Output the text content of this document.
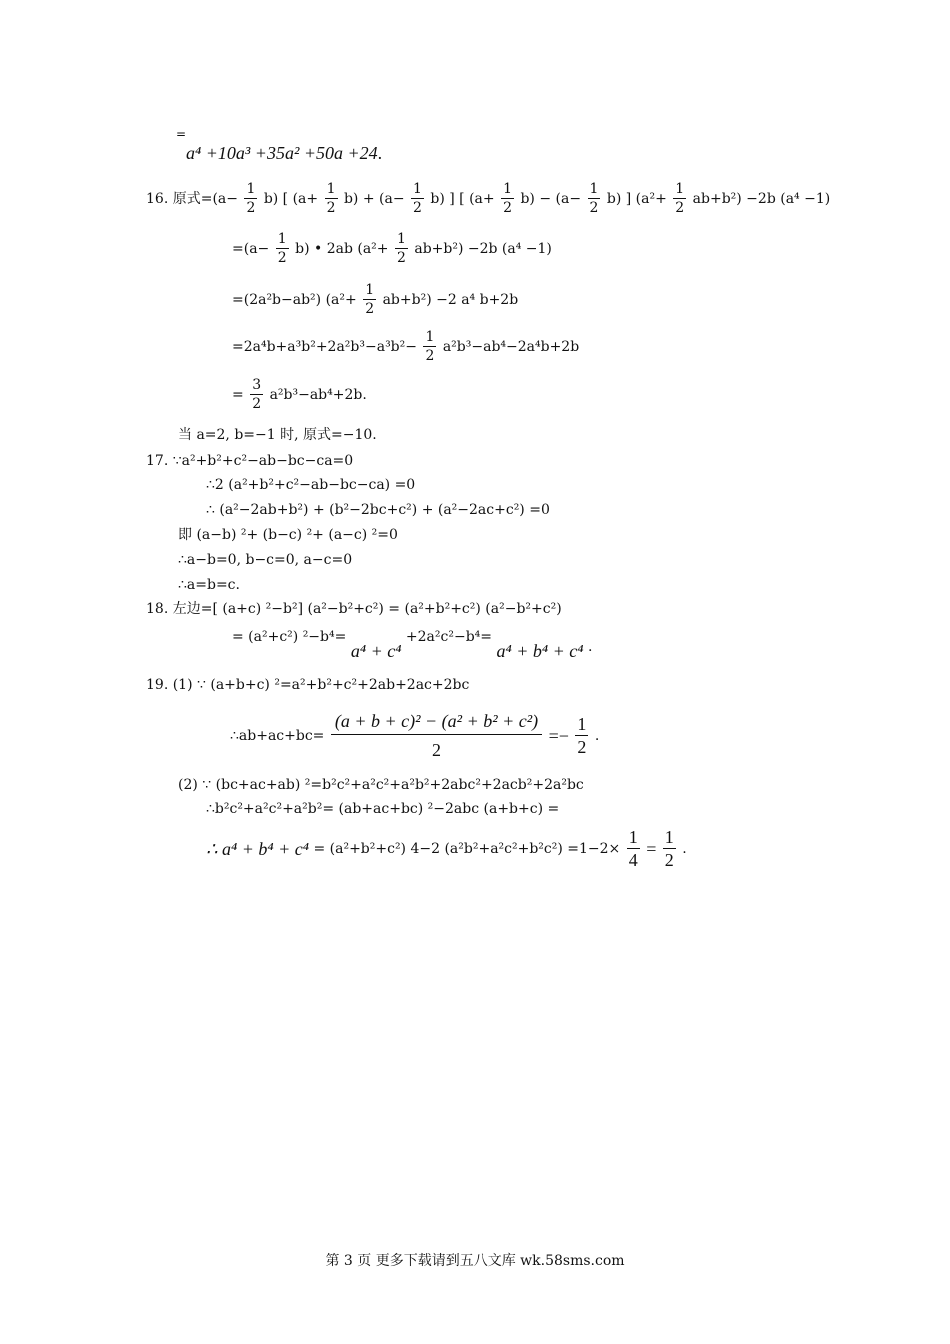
=
a⁴ +10a³ +35a² +50a +24.
16. 原式$=(a- \frac{1}{2} b)$ [ $(a+ \frac{1}{2} b) + (a- \frac{1}{2} b)$ ] [ $(a+ \frac{1}{2} b) - (a- \frac{1}{2} b)$ ] $(a^2+ \frac{1}{2} ab+b^2) -2b$ (a⁴ −1)
$=(a- \frac{1}{2} b)$ • 2ab $(a^2+ \frac{1}{2} ab+b^2) -2b$ (a⁴ −1)
=(2a²b−ab²) $(a^2+ \frac{1}{2} ab+b^2) -2$ a⁴ b+2b
$=2a^4b+a^3b^2+2a^2b^3-a^3b^2- \frac{1}{2} a^2b^3-ab^4-2a^4b+2b$
= $\frac{3}{2} a^2b^3-ab^4+2b$.
当 a=2, b=−1 时, 原式=−10.
17. ∵a²+b²+c²−ab−bc−ca=0
∴2 (a²+b²+c²−ab−bc−ca) =0
∴ (a²−2ab+b²) + (b²−2bc+c²) + (a²−2ac+c²) =0
即 (a−b) ²+ (b−c) ²+ (a−c) ²=0
∴a−b=0, b−c=0, a−c=0
∴a=b=c.
18. 左边=[ (a+c) ²−b²] (a²−b²+c²) = (a²+b²+c²) (a²−b²+c²)
= (a²+c²) ²−b⁴= a⁴ + c⁴ +2a²c²−b⁴= a⁴ + b⁴ + c⁴ .
19. (1) ∵ (a+b+c) ²=a²+b²+c²+2ab+2ac+2bc
∴ab+ac+bc= $\frac{\text{(a + b + c)² − (a² + b² + c²)}}{2} =- \frac{1}{2}$ .
(2) ∵ (bc+ac+ab) ²=b²c²+a²c²+a²b²+2abc²+2acb²+2a²bc
∴b²c²+a²c²+a²b²= (ab+ac+bc) ²−2abc (a+b+c) =
∴ a⁴ + b⁴ + c⁴ = (a²+b²+c²) 4−2 $(a^2b^2+a^2c^2+b^2c^2) =1-2\times \frac{1}{4} = \frac{1}{2}$ .
第 3 页 更多下载请到五八文库 wk.58sms.com
